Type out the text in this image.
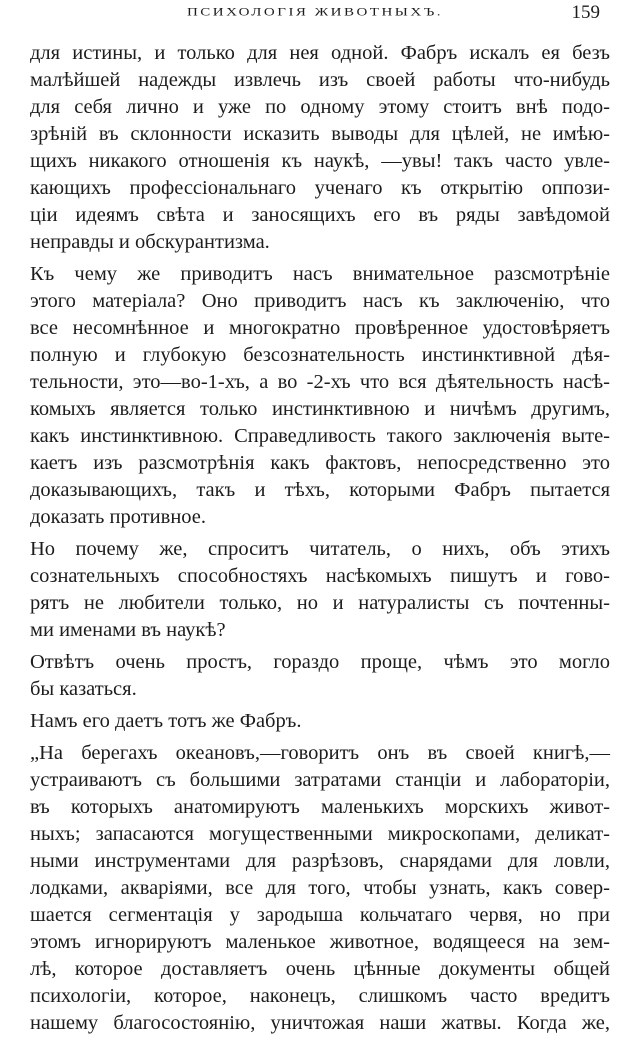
ПСИХОЛОГІЯ ЖИВОТНЫХЪ.	159
для истины, и только для нея одной. Фабръ искалъ ея безъ
малѣйшей надежды извлечь изъ своей работы что-нибудь
для себя лично и уже по одному этому стоитъ внѣ подо-
зрѣній въ склонности исказить выводы для цѣлей, не имѣю-
щихъ никакого отношенія къ наукѣ, —увы! такъ часто увле-
кающихъ профессіональнаго ученаго къ открытію оппози-
ціи идеямъ свѣта и заносящихъ его въ ряды завѣдомой
неправды и обскурантизма.
Къ чему же приводитъ насъ внимательное разсмотрѣніе
этого матеріала? Оно приводитъ насъ къ заключенію, что
все несомнѣнное и многократно провѣренное удостовѣряетъ
полную и глубокую безсознательность инстинктивной дѣя-
тельности, это—во-1-хъ, а во -2-хъ что вся дѣятельность насѣ-
комыхъ является только инстинктивною и ничѣмъ другимъ,
какъ инстинктивною. Справедливость такого заключенія выте-
каетъ изъ разсмотрѣнія какъ фактовъ, непосредственно это
доказывающихъ, такъ и тѣхъ, которыми Фабръ пытается
доказать противное.
Но почему же, спроситъ читатель, о нихъ, объ этихъ
сознательныхъ способностяхъ насѣкомыхъ пишутъ и гово-
рятъ не любители только, но и натуралисты съ почтенны-
ми именами въ наукѣ?
Отвѣтъ очень простъ, гораздо проще, чѣмъ это могло
бы казаться.
Намъ его даетъ тотъ же Фабръ.
„На берегахъ океановъ,—говоритъ онъ въ своей книгѣ,—
устраиваютъ съ большими затратами станціи и лабораторіи,
въ которыхъ анатомируютъ маленькихъ морскихъ живот-
ныхъ; запасаются могущественными микроскопами, деликат-
ными инструментами для разрѣзовъ, снарядами для ловли,
лодками, акваріями, все для того, чтобы узнать, какъ совер-
шается сегментація у зародыша кольчатаго червя, но при
этомъ игнорируютъ маленькое животное, водящееся на зем-
лѣ, которое доставляетъ очень цѣнные документы общей
психологіи, которое, наконецъ, слишкомъ часто вредитъ
нашему благосостоянію, уничтожая наши жатвы. Когда же,
